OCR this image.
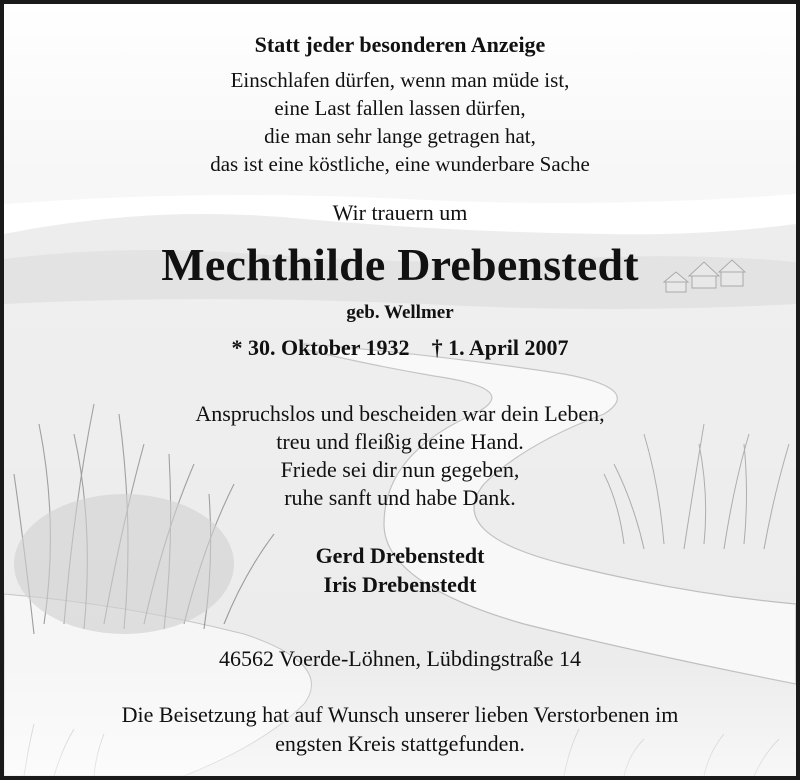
Statt jeder besonderen Anzeige
Einschlafen dürfen, wenn man müde ist,
eine Last fallen lassen dürfen,
die man sehr lange getragen hat,
das ist eine köstliche, eine wunderbare Sache
Wir trauern um
Mechthilde Drebenstedt
geb. Wellmer
* 30. Oktober 1932 † 1. April 2007
Anspruchslos und bescheiden war dein Leben,
treu und fleißig deine Hand.
Friede sei dir nun gegeben,
ruhe sanft und habe Dank.
Gerd Drebenstedt
Iris Drebenstedt
46562 Voerde-Löhnen, Lübdingstraße 14
Die Beisetzung hat auf Wunsch unserer lieben Verstorbenen im
engsten Kreis stattgefunden.
